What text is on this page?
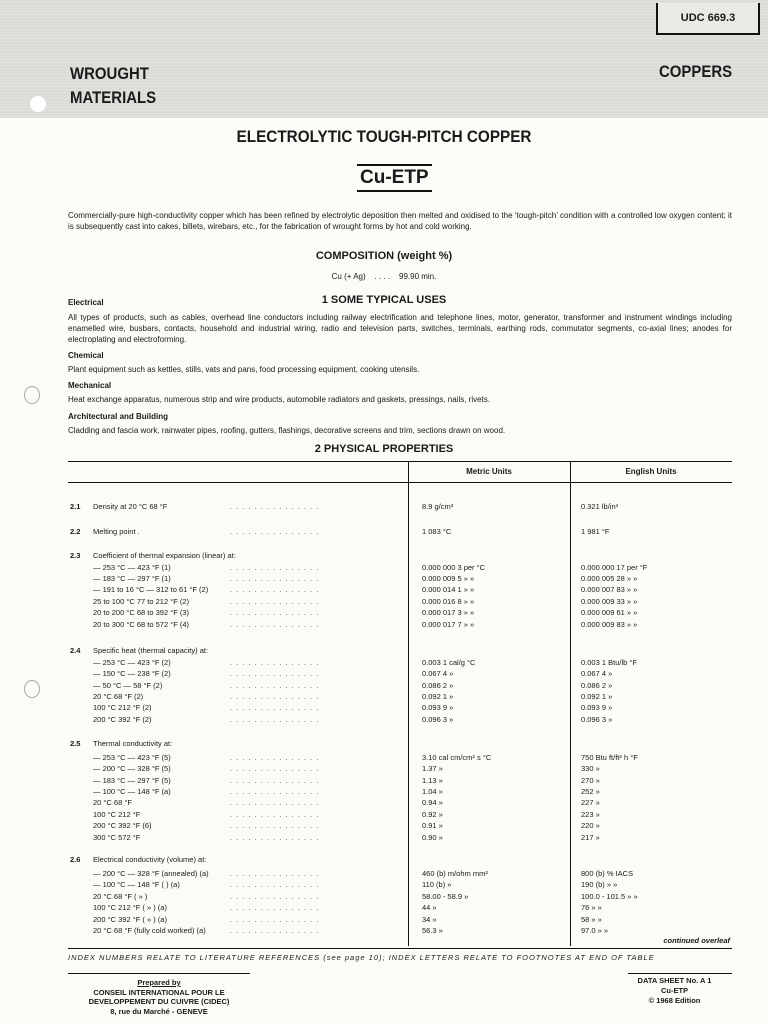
UDC 669.3
WROUGHT
MATERIALS
COPPERS
ELECTROLYTIC TOUGH-PITCH COPPER
Cu-ETP
Commercially-pure high-conductivity copper which has been refined by electrolytic deposition then melted and oxidised to the ‘tough-pitch’ condition with a controlled low oxygen content; it is subsequently cast into cakes, billets, wirebars, etc., for the fabrication of wrought forms by hot and cold working.
COMPOSITION (weight %)
Cu (+ Ag) . . . . 99.90 min.
1 SOME TYPICAL USES
Electrical
All types of products, such as cables, overhead line conductors including railway electrification and telephone lines, motor, generator, transformer and instrument windings including enamelled wire, busbars, contacts, household and industrial wiring, radio and television parts, switches, terminals, earthing rods, commutator segments, co-axial lines; anodes for electroplating and electroforming.
Chemical
Plant equipment such as kettles, stills, vats and pans, food processing equipment, cooking utensils.
Mechanical
Heat exchange apparatus, numerous strip and wire products, automobile radiators and gaskets, pressings, nails, rivets.
Architectural and Building
Cladding and fascia work, rainwater pipes, roofing, gutters, flashings, decorative screens and trim, sections drawn on wood.
2 PHYSICAL PROPERTIES
Metric Units	English Units
2.1 Density at 20 °C 68 °F	8.9 g/cm³	0.321 lb/in³
. . . . . . . . . . . . . . .
2.2 Melting point .	1 083 °C	1 981 °F
. . . . . . . . . . . . . . .
2.3 Coefficient of thermal expansion (linear) at:
— 253 °C — 423 °F (1)	0.000 000 3 per °C	0.000 000 17 per °F
. . . . . . . . . . . . . . .
— 183 °C — 297 °F (1)	0.000 009 5 » »	0.000 005 28 » »
. . . . . . . . . . . . . . .
— 191 to 16 °C — 312 to 61 °F (2)	0.000 014 1 » »	0.000 007 83 » »
. . . . . . . . . . . . . . .
25 to 100 °C 77 to 212 °F (2)	0.000 016 8 » »	0.000 009 33 » »
. . . . . . . . . . . . . . .
20 to 200 °C 68 to 392 °F (3)	0.000 017 3 » »	0.000 009 61 » »
. . . . . . . . . . . . . . .
20 to 300 °C 68 to 572 °F (4)	0.000 017 7 » »	0.000 009 83 » »
. . . . . . . . . . . . . . .
2.4 Specific heat (thermal capacity) at:
— 253 °C — 423 °F (2)	0.003 1 cal/g °C	0.003 1 Btu/lb °F
. . . . . . . . . . . . . . .
— 150 °C — 238 °F (2)	0.067 4 »	0.067 4 »
. . . . . . . . . . . . . . .
— 50 °C — 58 °F (2)	0.086 2 »	0.086 2 »
. . . . . . . . . . . . . . .
20 °C 68 °F (2)	0.092 1 »	0.092 1 »
. . . . . . . . . . . . . . .
100 °C 212 °F (2)	0.093 9 »	0.093 9 »
. . . . . . . . . . . . . . .
200 °C 392 °F (2)	0.096 3 »	0.096 3 »
. . . . . . . . . . . . . . .
2.5 Thermal conductivity at:
— 253 °C — 423 °F (5)	3.10 cal cm/cm² s °C	750 Btu ft/ft² h °F
. . . . . . . . . . . . . . .
— 200 °C — 328 °F (5)	1.37 »	330 »
. . . . . . . . . . . . . . .
— 183 °C — 297 °F (5)	1.13 »	270 »
. . . . . . . . . . . . . . .
— 100 °C — 148 °F (a)	1.04 »	252 »
. . . . . . . . . . . . . . .
20 °C 68 °F	0.94 »	227 »
. . . . . . . . . . . . . . .
100 °C 212 °F	0.92 »	223 »
. . . . . . . . . . . . . . .
200 °C 392 °F (6)	0.91 »	220 »
. . . . . . . . . . . . . . .
300 °C 572 °F	0.90 »	217 »
. . . . . . . . . . . . . . .
2.6 Electrical conductivity (volume) at:
— 200 °C — 328 °F (annealed) (a)	460 (b) m/ohm mm²	800 (b) % IACS
. . . . . . . . . . . . . . .
— 100 °C — 148 °F ( ) (a)	110 (b) »	190 (b) » »
. . . . . . . . . . . . . . .
20 °C 68 °F ( » )	58.00 - 58.9 »	100.0 - 101.5 » »
. . . . . . . . . . . . . . .
100 °C 212 °F ( » ) (a)	44 »	76 » »
. . . . . . . . . . . . . . .
200 °C 392 °F ( » ) (a)	34 »	58 » »
. . . . . . . . . . . . . . .
20 °C 68 °F (fully cold worked) (a)	56.3 »	97.0 » »
. . . . . . . . . . . . . . .
continued overleaf
INDEX NUMBERS RELATE TO LITERATURE REFERENCES (see page 10); INDEX LETTERS RELATE TO FOOTNOTES AT END OF TABLE
Prepared by
CONSEIL INTERNATIONAL POUR LE
DEVELOPPEMENT DU CUIVRE (CIDEC)
8, rue du Marché - GENEVE
DATA SHEET No. A 1
Cu-ETP
© 1968 Edition
